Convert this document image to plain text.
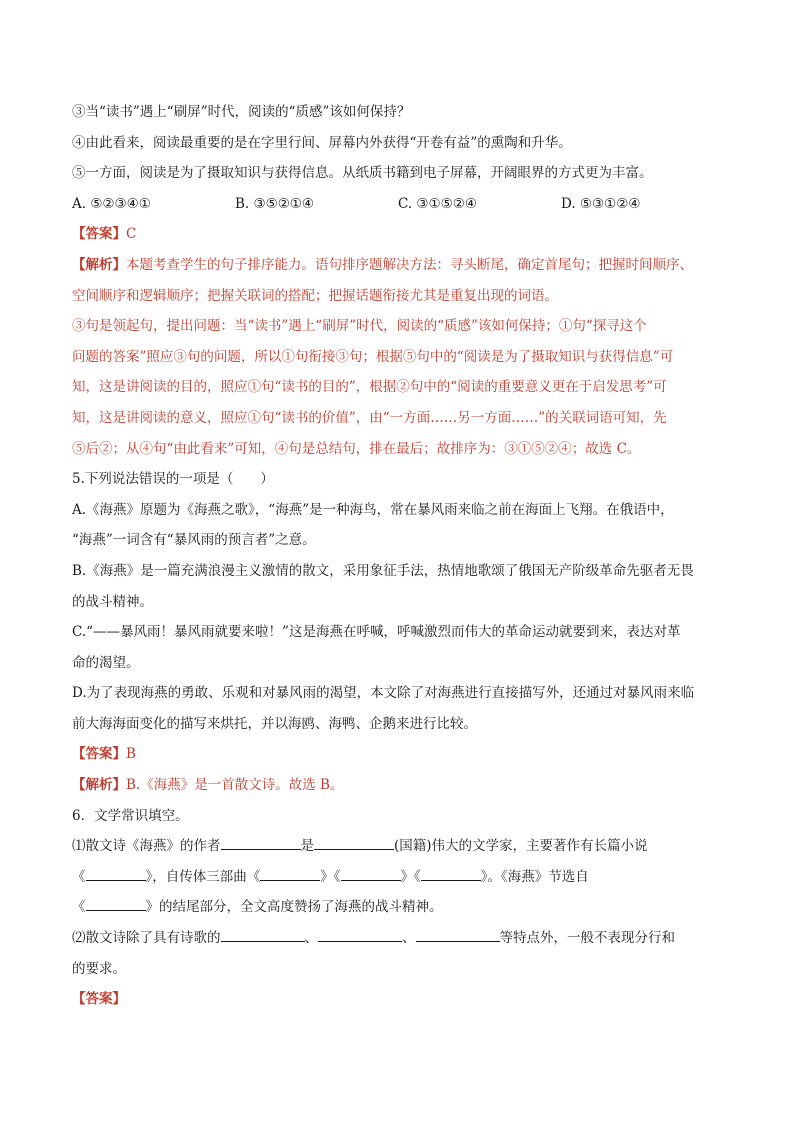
③当“读书”遇上“刷屏”时代，阅读的“质感”该如何保持？
④由此看来，阅读最重要的是在字里行间、屏幕内外获得“开卷有益”的熏陶和升华。
⑤一方面，阅读是为了摄取知识与获得信息。从纸质书籍到电子屏幕，开阔眼界的方式更为丰富。
A. ⑤②③④①	B. ③⑤②①④	C. ③①⑤②④	D. ⑤③①②④
【答案】C
【解析】本题考查学生的句子排序能力。语句排序题解决方法：寻头断尾，确定首尾句；把握时间顺序、
空间顺序和逻辑顺序；把握关联词的搭配；把握话题衔接尤其是重复出现的词语。
③句是领起句，提出问题：当“读书”遇上“刷屏”时代，阅读的“质感”该如何保持；①句“探寻这个
问题的答案”照应③句的问题，所以①句衔接③句；根据⑤句中的“阅读是为了摄取知识与获得信息”可
知，这是讲阅读的目的，照应①句“读书的目的”，根据②句中的“阅读的重要意义更在于启发思考”可
知，这是讲阅读的意义，照应①句“读书的价值”，由“一方面……另一方面……”的关联词语可知，先
⑤后②；从④句“由此看来”可知，④句是总结句，排在最后；故排序为：③①⑤②④；故选 C。
5.下列说法错误的一项是（　　）
A.《海燕》原题为《海燕之歌》，“海燕”是一种海鸟，常在暴风雨来临之前在海面上飞翔。在俄语中，
“海燕”一词含有“暴风雨的预言者”之意。
B.《海燕》是一篇充满浪漫主义激情的散文，采用象征手法，热情地歌颂了俄国无产阶级革命先驱者无畏
的战斗精神。
C.“——暴风雨！暴风雨就要来啦！”这是海燕在呼喊，呼喊激烈而伟大的革命运动就要到来，表达对革
命的渴望。
D.为了表现海燕的勇敢、乐观和对暴风雨的渴望，本文除了对海燕进行直接描写外，还通过对暴风雨来临
前大海海面变化的描写来烘托，并以海鸥、海鸭、企鹅来进行比较。
【答案】B
【解析】B.《海燕》是一首散文诗。故选 B。
6．文学常识填空。
⑴散文诗《海燕》的作者	是	(国籍)伟大的文学家，主要著作有长篇小说
《	》，自传体三部曲《	》《	》《	》。《海燕》节选自
《	》的结尾部分，全文高度赞扬了海燕的战斗精神。
⑵散文诗除了具有诗歌的	、	、	等特点外，一般不表现分行和
的要求。
【答案】
